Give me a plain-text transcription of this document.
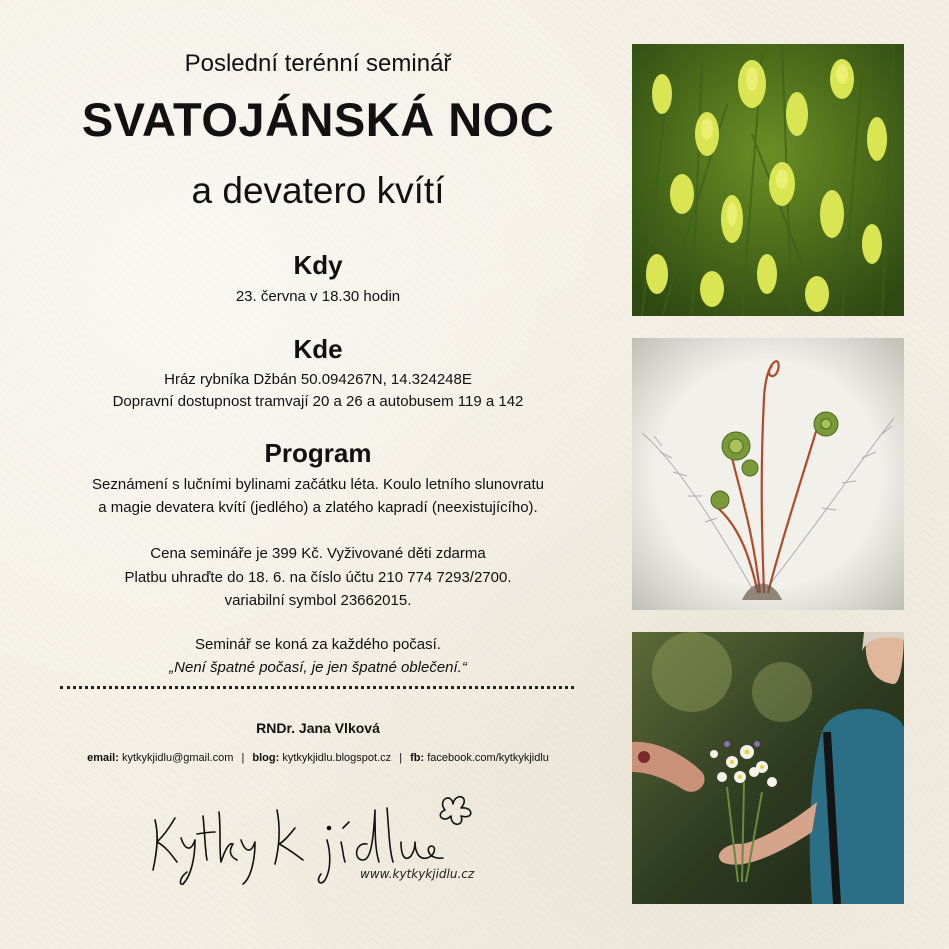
Poslední terénní seminář
SVATOJÁNSKÁ NOC
a devatero kvítí
Kdy
23. června v 18.30 hodin
Kde
Hráz rybníka Džbán 50.094267N, 14.324248E
Dopravní dostupnost tramvají 20 a 26 a autobusem 119 a 142
Program
Seznámení s lučními bylinami začátku léta. Koulo letního slunovratu
a magie devatera kvítí (jedlého) a zlatého kapradí (neexistujícího).
Cena semináře je 399 Kč. Vyživované děti zdarma
Platbu uhraďte do 18. 6. na číslo účtu 210 774 7293/2700.
variabilní symbol 23662015.
Seminář se koná za každého počasí.
„Není špatné počasí, je jen špatné oblečení.“
RNDr. Jana Vlková
email: kytkykjidlu@gmail.com | blog: kytkykjidlu.blogspot.cz | fb: facebook.com/kytkykjidlu
www.kytkykjidlu.cz
